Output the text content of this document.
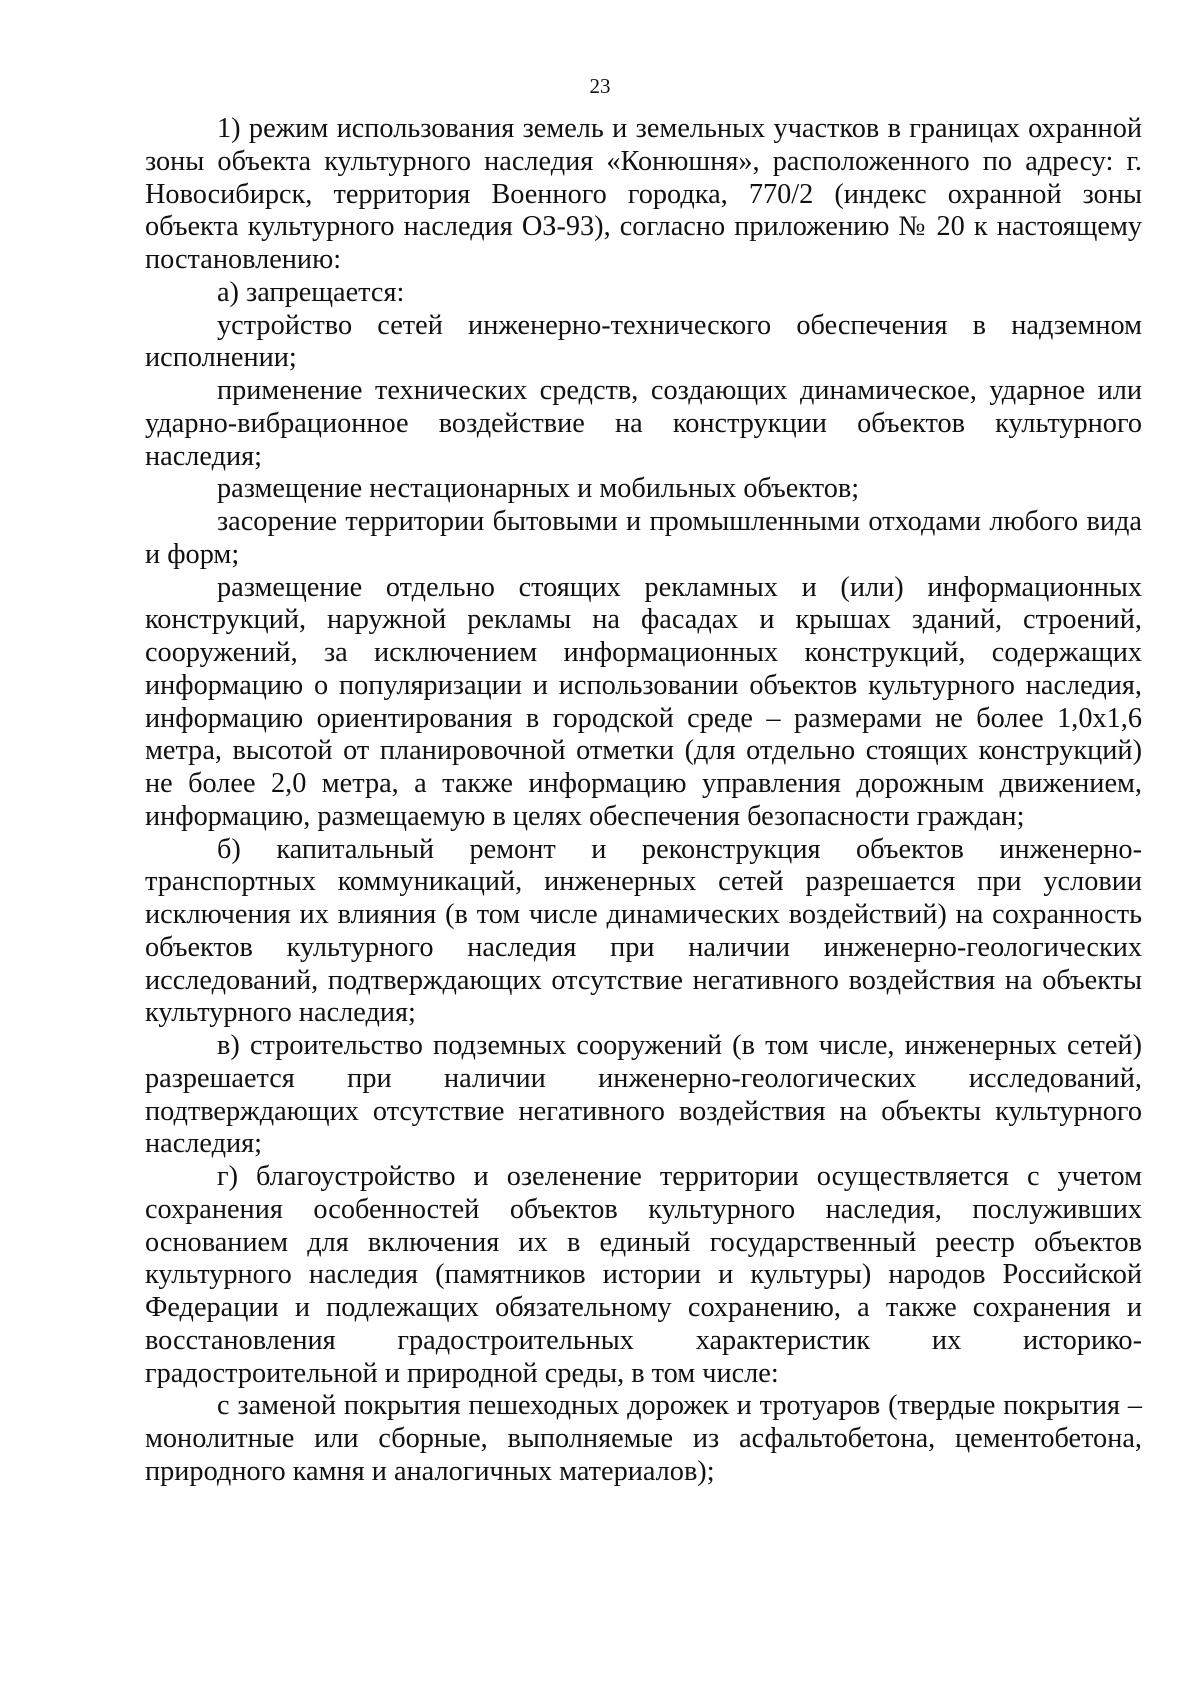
23

1) режим использования земель и земельных участков в границах охранной зоны объекта культурного наследия «Конюшня», расположенного по адресу: г. Новосибирск, территория Военного городка, 770/2 (индекс охранной зоны объекта культурного наследия ОЗ-93), согласно приложению № 20 к настоящему постановлению:

а) запрещается:

устройство сетей инженерно-технического обеспечения в надземном исполнении;

применение технических средств, создающих динамическое, ударное или ударно-вибрационное воздействие на конструкции объектов культурного наследия;

размещение нестационарных и мобильных объектов;

засорение территории бытовыми и промышленными отходами любого вида и форм;

размещение отдельно стоящих рекламных и (или) информационных конструкций, наружной рекламы на фасадах и крышах зданий, строений, сооружений, за исключением информационных конструкций, содержащих информацию о популяризации и использовании объектов культурного наследия, информацию ориентирования в городской среде – размерами не более 1,0х1,6 метра, высотой от планировочной отметки (для отдельно стоящих конструкций) не более 2,0 метра, а также информацию управления дорожным движением, информацию, размещаемую в целях обеспечения безопасности граждан;

б) капитальный ремонт и реконструкция объектов инженерно-транспортных коммуникаций, инженерных сетей разрешается при условии исключения их влияния (в том числе динамических воздействий) на сохранность объектов культурного наследия при наличии инженерно-геологических исследований, подтверждающих отсутствие негативного воздействия на объекты культурного наследия;

в) строительство подземных сооружений (в том числе, инженерных сетей) разрешается при наличии инженерно-геологических исследований, подтверждающих отсутствие негативного воздействия на объекты культурного наследия;

г) благоустройство и озеленение территории осуществляется с учетом сохранения особенностей объектов культурного наследия, послуживших основанием для включения их в единый государственный реестр объектов культурного наследия (памятников истории и культуры) народов Российской Федерации и подлежащих обязательному сохранению, а также сохранения и восстановления градостроительных характеристик их историко-градостроительной и природной среды, в том числе:

с заменой покрытия пешеходных дорожек и тротуаров (твердые покрытия – монолитные или сборные, выполняемые из асфальтобетона, цементобетона, природного камня и аналогичных материалов);
